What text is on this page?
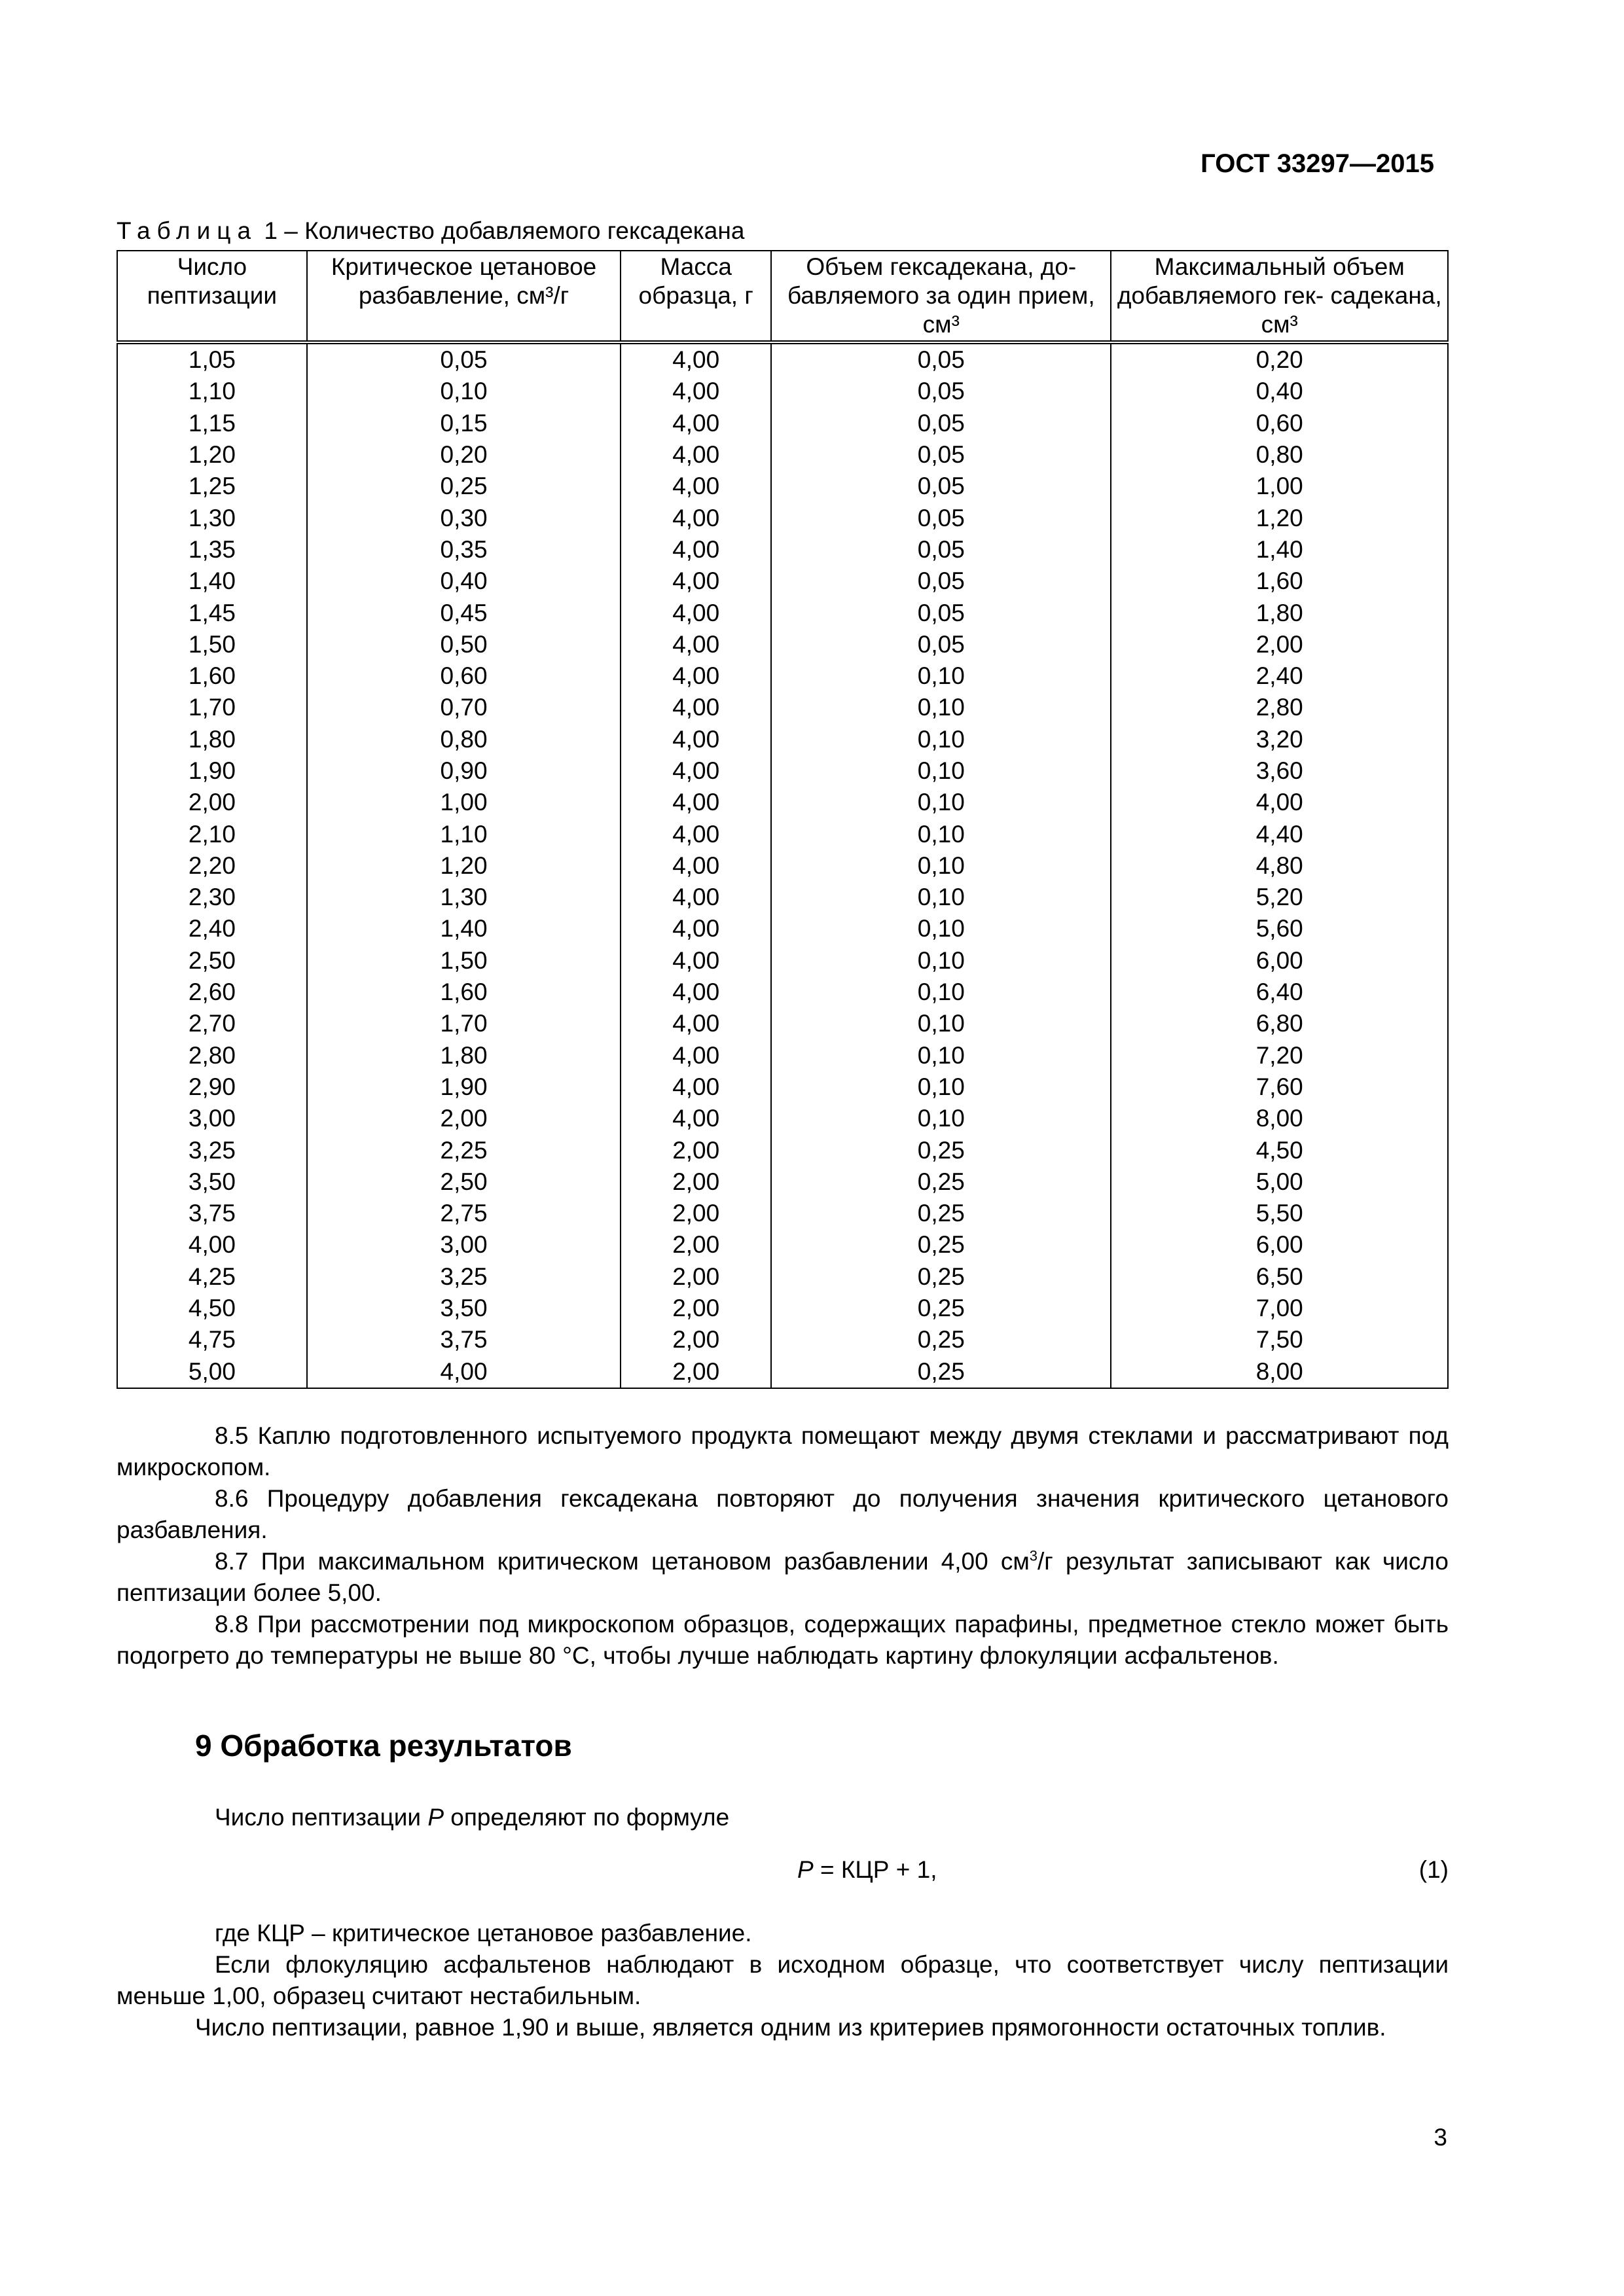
ГОСТ 33297—2015
Таблица 1 – Количество добавляемого гексадекана
Число пептизации	Критическое цетановое разбавление, см³/г	Масса образца, г	Объем гексадекана, до- бавляемого за один прием, см³	Максимальный объем добавляемого гек- садекана, см³
1,05	0,05	4,00	0,05	0,20
1,10	0,10	4,00	0,05	0,40
1,15	0,15	4,00	0,05	0,60
1,20	0,20	4,00	0,05	0,80
1,25	0,25	4,00	0,05	1,00
1,30	0,30	4,00	0,05	1,20
1,35	0,35	4,00	0,05	1,40
1,40	0,40	4,00	0,05	1,60
1,45	0,45	4,00	0,05	1,80
1,50	0,50	4,00	0,05	2,00
1,60	0,60	4,00	0,10	2,40
1,70	0,70	4,00	0,10	2,80
1,80	0,80	4,00	0,10	3,20
1,90	0,90	4,00	0,10	3,60
2,00	1,00	4,00	0,10	4,00
2,10	1,10	4,00	0,10	4,40
2,20	1,20	4,00	0,10	4,80
2,30	1,30	4,00	0,10	5,20
2,40	1,40	4,00	0,10	5,60
2,50	1,50	4,00	0,10	6,00
2,60	1,60	4,00	0,10	6,40
2,70	1,70	4,00	0,10	6,80
2,80	1,80	4,00	0,10	7,20
2,90	1,90	4,00	0,10	7,60
3,00	2,00	4,00	0,10	8,00
3,25	2,25	2,00	0,25	4,50
3,50	2,50	2,00	0,25	5,00
3,75	2,75	2,00	0,25	5,50
4,00	3,00	2,00	0,25	6,00
4,25	3,25	2,00	0,25	6,50
4,50	3,50	2,00	0,25	7,00
4,75	3,75	2,00	0,25	7,50
5,00	4,00	2,00	0,25	8,00

8.5 Каплю подготовленного испытуемого продукта помещают между двумя стеклами и рассматривают под микроскопом.

8.6 Процедуру добавления гексадекана повторяют до получения значения критического цетанового разбавления.

8.7 При максимальном критическом цетановом разбавлении 4,00 $см^3/г$ результат записывают как число пептизации более 5,00.

8.8 При рассмотрении под микроскопом образцов, содержащих парафины, предметное стекло может быть подогрето до температуры не выше 80 °С, чтобы лучше наблюдать картину флокуляции асфальтенов.

9 Обработка результатов

Число пептизации P определяют по формуле

P = КЦР + 1,	(1)

где КЦР – критическое цетановое разбавление.

Если флокуляцию асфальтенов наблюдают в исходном образце, что соответствует числу пептизации меньше 1,00, образец считают нестабильным.

Число пептизации, равное 1,90 и выше, является одним из критериев прямогонности остаточных топлив.

3
